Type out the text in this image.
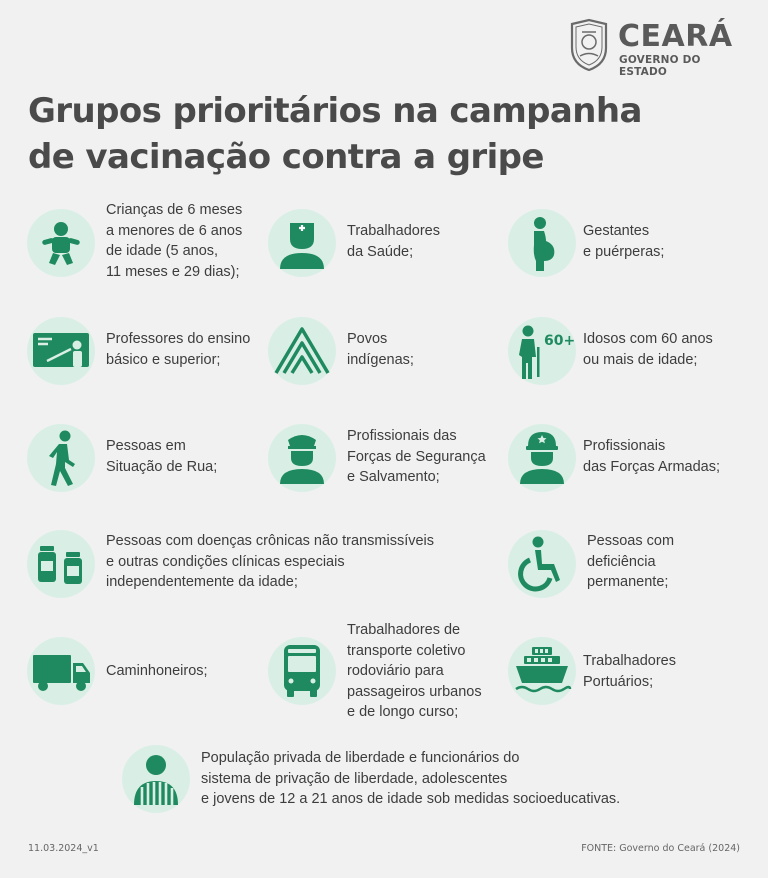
CEARÁ
GOVERNO DO ESTADO
Grupos prioritários na campanha
de vacinação contra a gripe
Crianças de 6 meses
a menores de 6 anos
de idade (5 anos,
11 meses e 29 dias);
Trabalhadores
da Saúde;
Gestantes
e puérperas;
Professores do ensino
básico e superior;
Povos
indígenas;
60+ Idosos com 60 anos
ou mais de idade;
Pessoas em
Situação de Rua;
Profissionais das
Forças de Segurança
e Salvamento;
Profissionais
das Forças Armadas;
Pessoas com doenças crônicas não transmissíveis
e outras condições clínicas especiais
independentemente da idade;
Pessoas com
deficiência
permanente;
Caminhoneiros;
Trabalhadores de
transporte coletivo
rodoviário para
passageiros urbanos
e de longo curso;
Trabalhadores
Portuários;
População privada de liberdade e funcionários do
sistema de privação de liberdade, adolescentes
e jovens de 12 a 21 anos de idade sob medidas socioeducativas.
11.03.2024_v1	FONTE: Governo do Ceará (2024)
